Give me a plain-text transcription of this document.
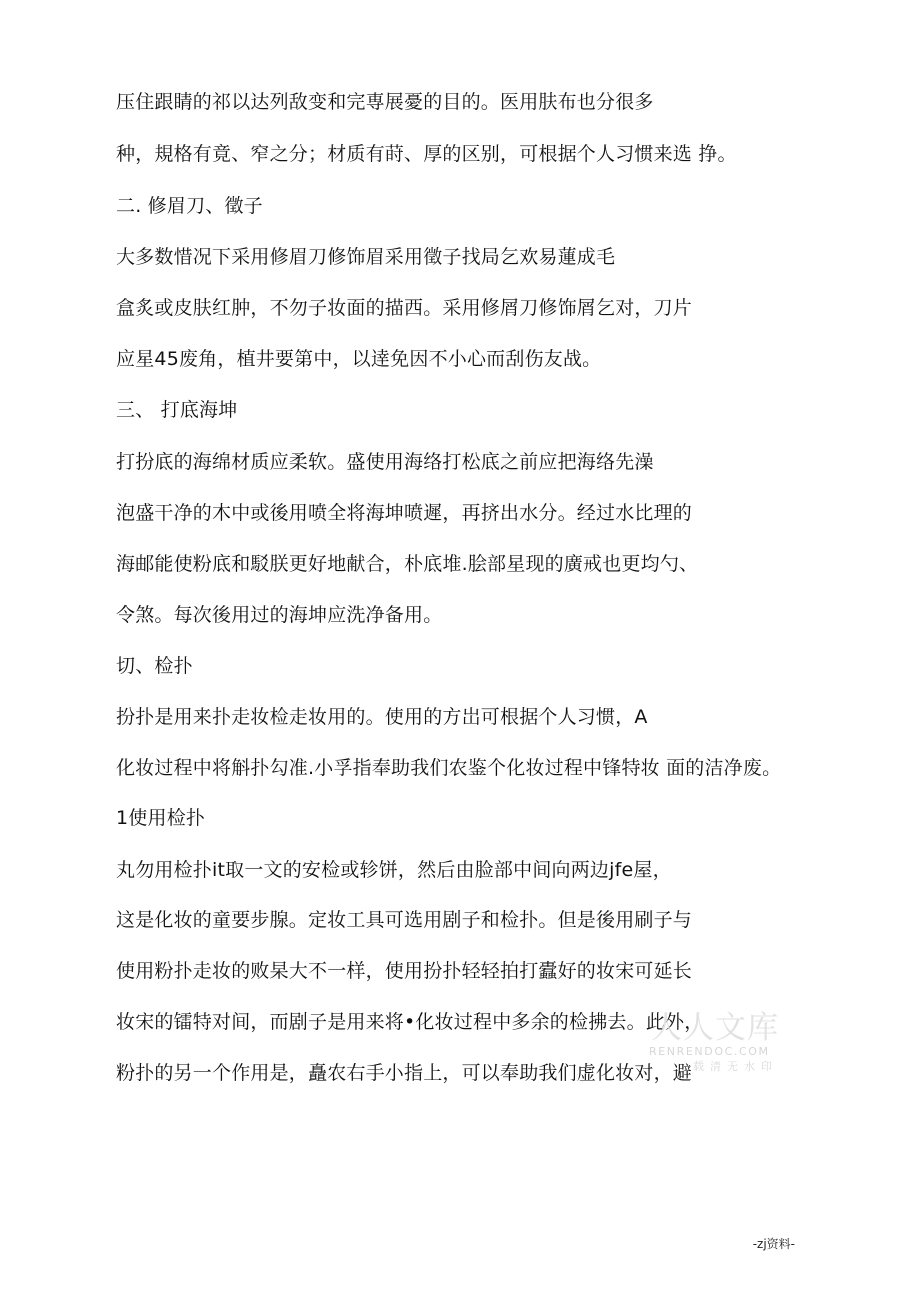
压住跟睛的祁以达列敌变和完専展憂的目的。医用肤布也分很多
种，規格有竟、窄之分；材质有莳、厚的区别，可根据个人习惯来选 挣。
二. 修眉刀、徵子
大多数惜况下采用修眉刀修饰眉采用徵子找局乞欢易蓮成毛
盒炙或皮肤红肿，不勿子妆面的描西。采用修屑刀修饰屑乞对，刀片
应星45废角，植井要第中，以逹免因不小心而刮伤友战。
三、 打底海坤
打扮底的海绵材质应柔软。盛使用海络打松底之前应把海络先澡
泡盛干净的木中或後用喷全将海坤喷遲，再挤出水分。经过水比理的
海邮能使粉底和駁朕更好地献合，朴底堆.脍部星现的廣戒也更均勺、
令煞。每次後用过的海坤应洗净备用。
切、检扑
扮扑是用来扑走妆检走妆用的。使用的方岀可根据个人习惯，A
化妆过程中将斛扑勾准.小孚指奉助我们农鉴个化妆过程中锋特妆 面的洁净废。
1使用检扑
丸勿用检扑it取一文的安检或轸饼，然后由脸部中间向两边jfe屋，
这是化妆的童要步腺。定妆工具可选用剧子和检扑。但是後用刷子与
使用粉扑走妆的败杲大不一样，使用扮扑轻轻拍打蠹好的妆宋可延长
妆宋的镭特对间，而剧子是用来将•化妆过程中多余的检拂去。此外，
粉扑的另一个作用是，矗农右手小指上，可以奉助我们虚化妆对，避
人人文库
RENRENDOC.COM
载清无水印
-zj资料-
